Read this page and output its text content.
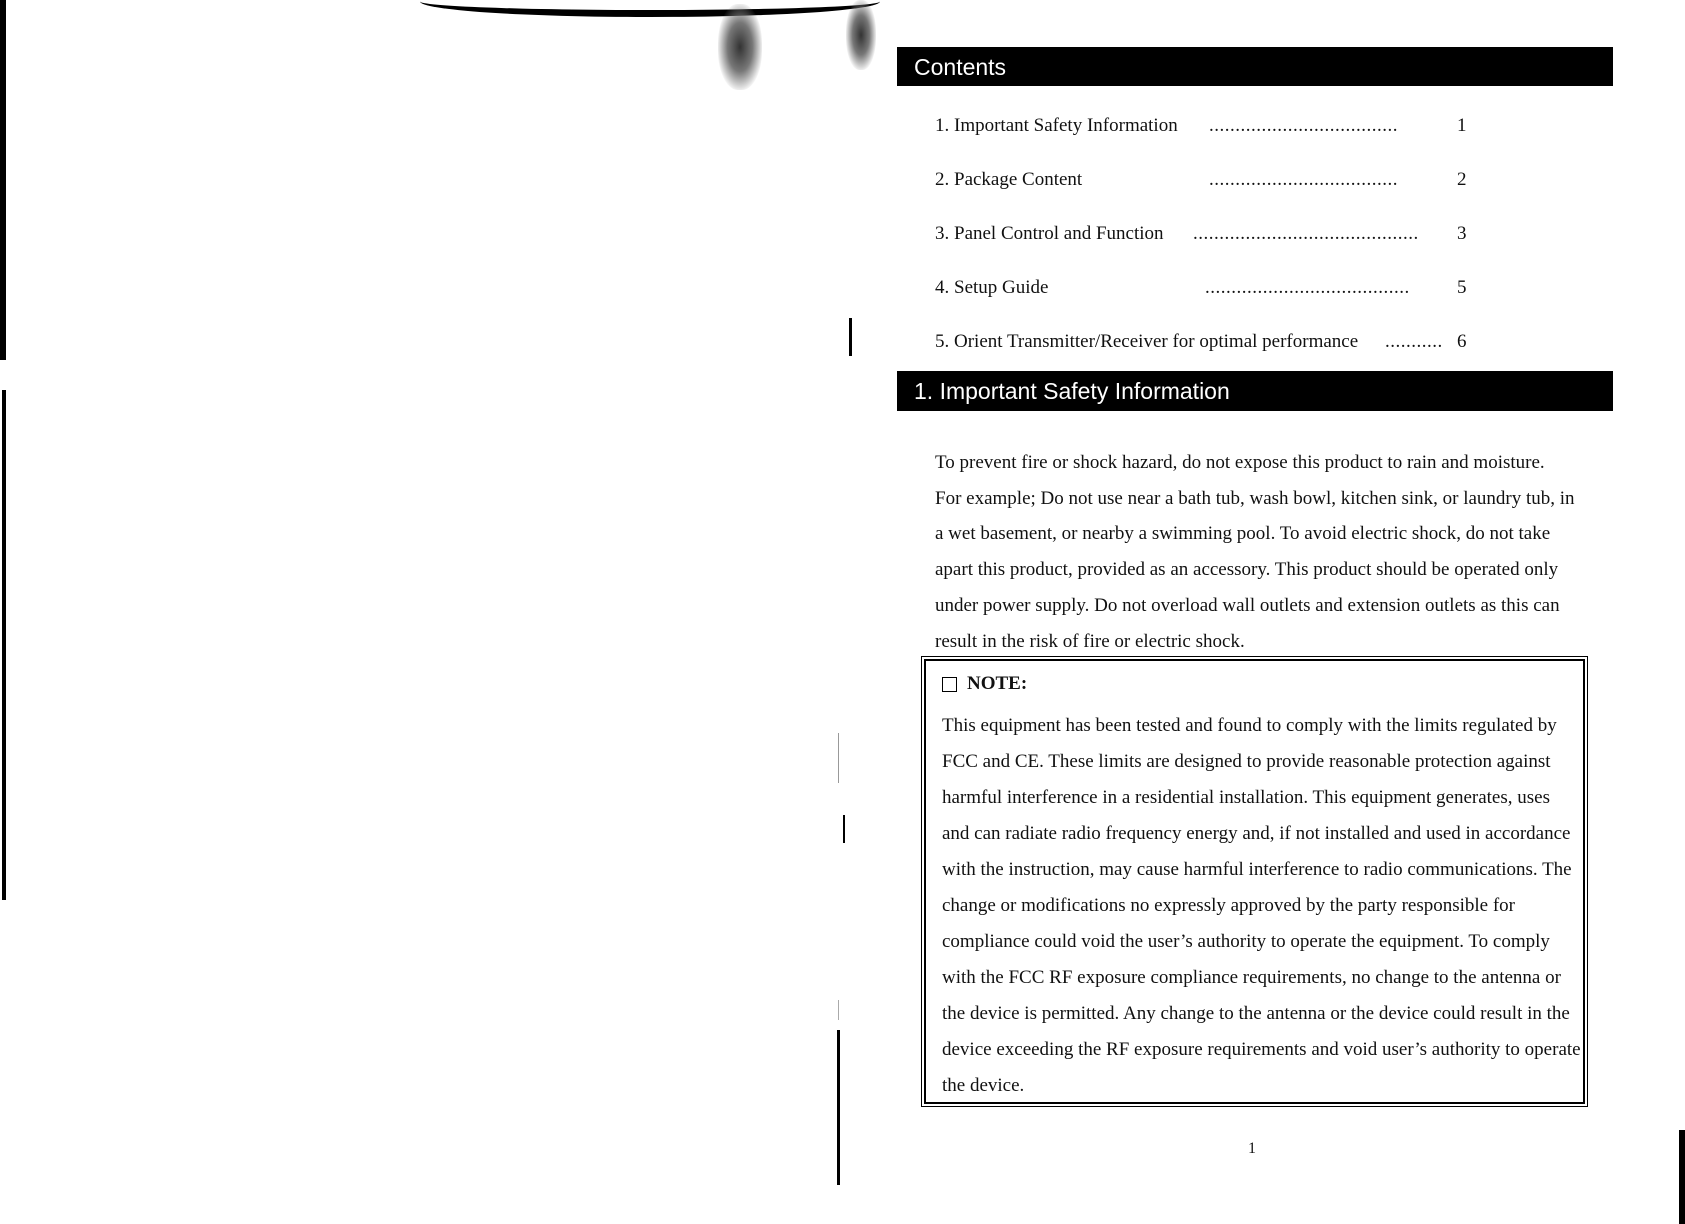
Contents
1. Important Safety Information ....................................	1
2. Package Content	....................................	2
3. Panel Control and Function ........................................... 3
4. Setup Guide	....................................... 5
5. Orient Transmitter/Receiver for optimal performance ........... 6
1. Important Safety Information

To prevent fire or shock hazard, do not expose this product to rain and moisture. For example; Do not use near a bath tub, wash bowl, kitchen sink, or laundry tub, in a wet basement, or nearby a swimming pool. To avoid electric shock, do not take apart this product, provided as an accessory. This product should be operated only under power supply. Do not overload wall outlets and extension outlets as this can result in the risk of fire or electric shock.

NOTE:

This equipment has been tested and found to comply with the limits regulated by FCC and CE. These limits are designed to provide reasonable protection against harmful interference in a residential installation. This equipment generates, uses and can radiate radio frequency energy and, if not installed and used in accordance with the instruction, may cause harmful interference to radio communications. The change or modifications no expressly approved by the party responsible for compliance could void the user’s authority to operate the equipment. To comply with the FCC RF exposure compliance requirements, no change to the antenna or the device is permitted. Any change to the antenna or the device could result in the device exceeding the RF exposure requirements and void user’s authority to operate the device.

1
